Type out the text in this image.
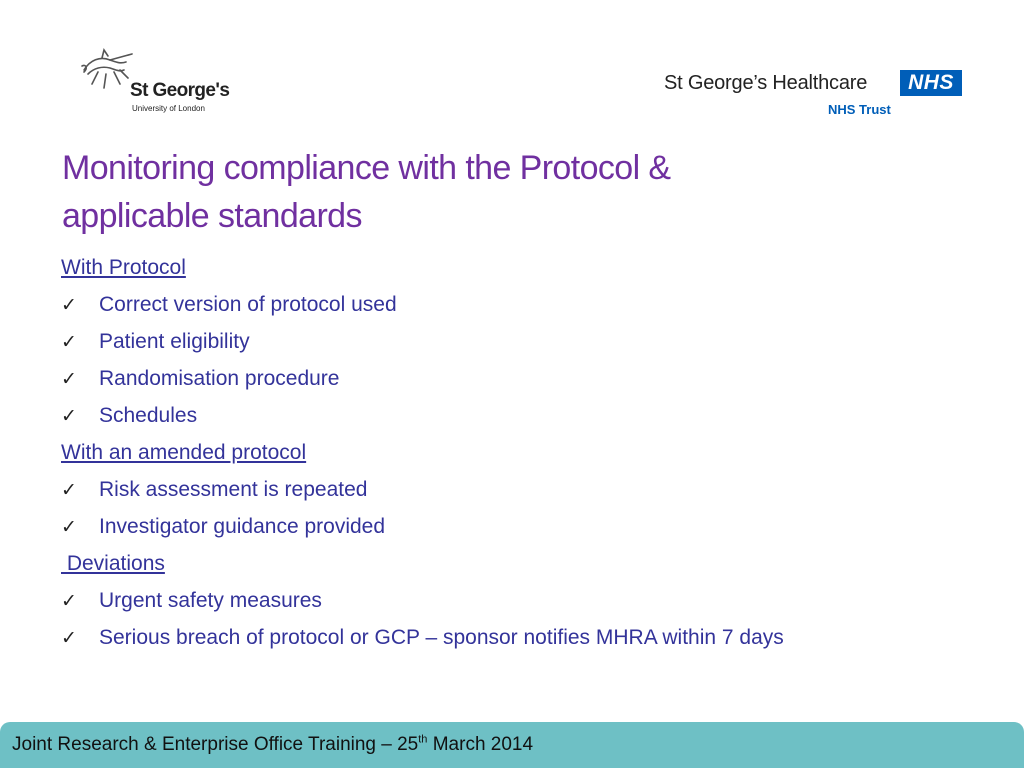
St George's
University of London
St George’s Healthcare	NHS
NHS Trust
Monitoring compliance with the Protocol &
applicable standards
With Protocol
✓ Correct version of protocol used
✓ Patient eligibility
✓ Randomisation procedure
✓ Schedules
With an amended protocol
✓ Risk assessment is repeated
✓ Investigator guidance provided
Deviations
✓ Urgent safety measures
✓ Serious breach of protocol or GCP – sponsor notifies MHRA within 7 days
Joint Research & Enterprise Office Training – 25th March 2014
